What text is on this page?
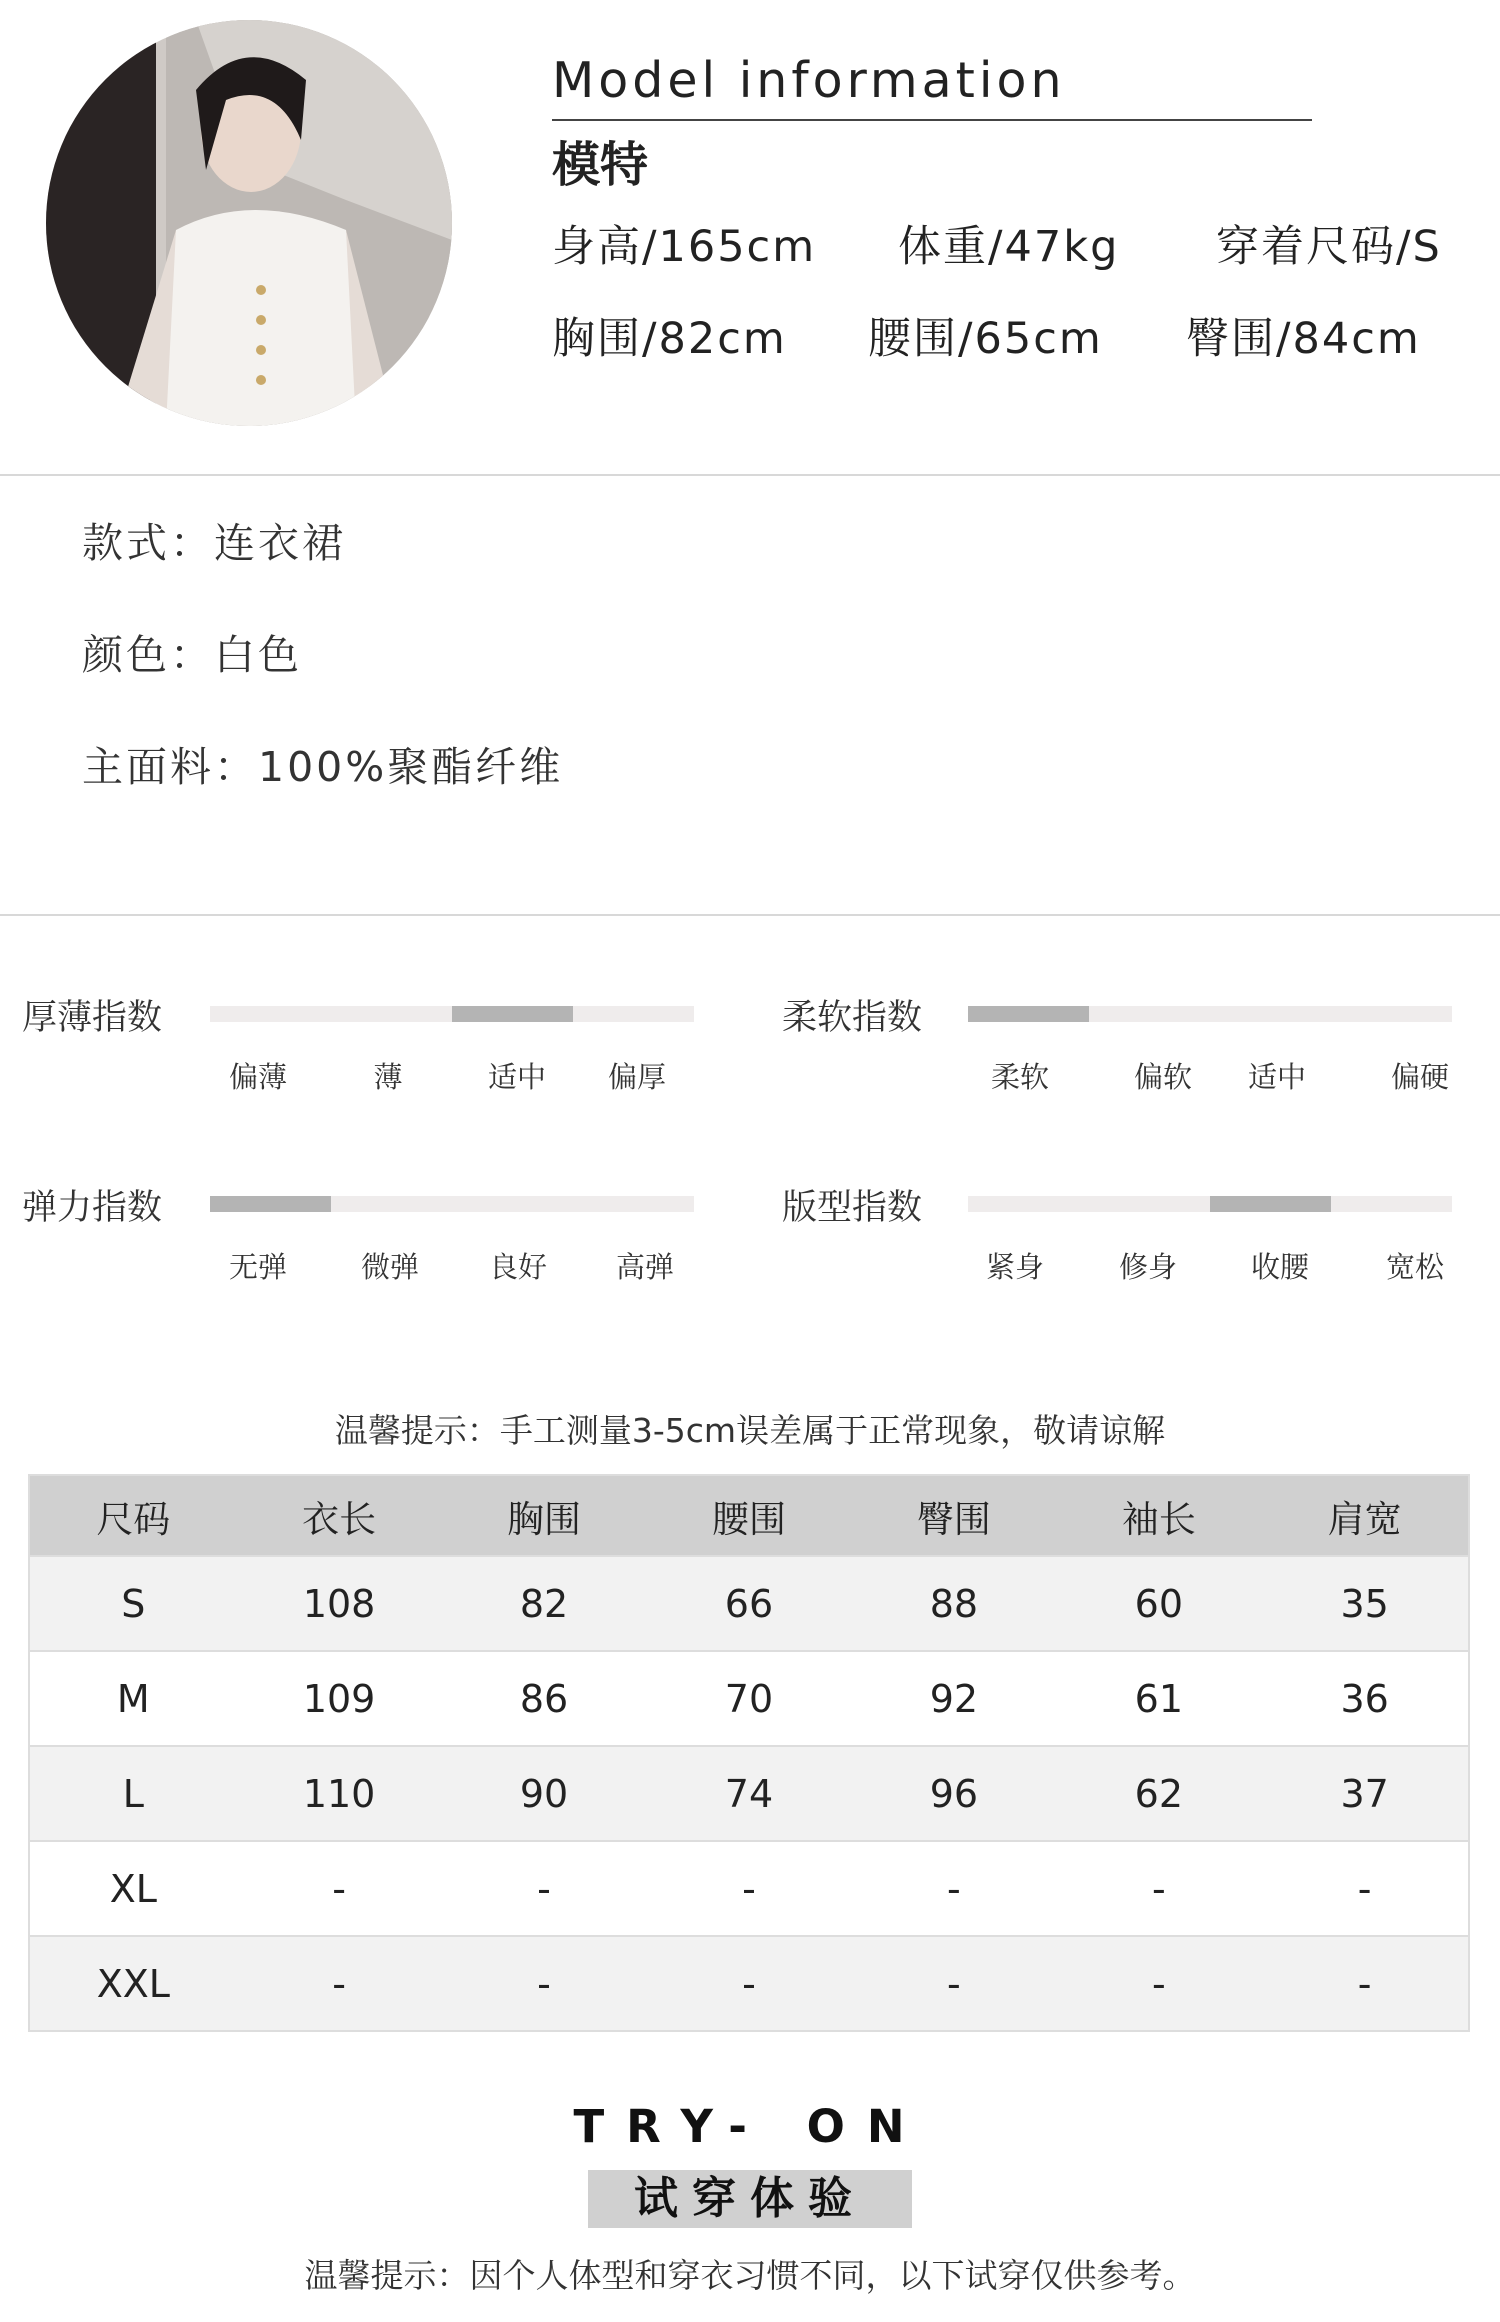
Model information
模特
身高/165cm 体重/47kg 穿着尺码/S
胸围/82cm 腰围/65cm 臀围/84cm
款式：连衣裙
颜色：白色
主面料：100%聚酯纤维
厚薄指数
偏薄	薄	适中 偏厚
柔软指数
柔软	偏软 适中	偏硬
弹力指数
无弹	微弹 良好 高弹
版型指数
紧身	修身	收腰	宽松
温馨提示：手工测量3-5cm误差属于正常现象，敬请谅解
尺码	衣长	胸围	腰围	臀围	袖长	肩宽
S	108	82	66	88	60	35
M	109	86	70	92	61	36
L	110	90	74	96	62	37
XL	-	-	-	-	-	-
XXL	-	-	-	-	-	-
TRY- ON
试穿体验
温馨提示：因个人体型和穿衣习惯不同，以下试穿仅供参考。
